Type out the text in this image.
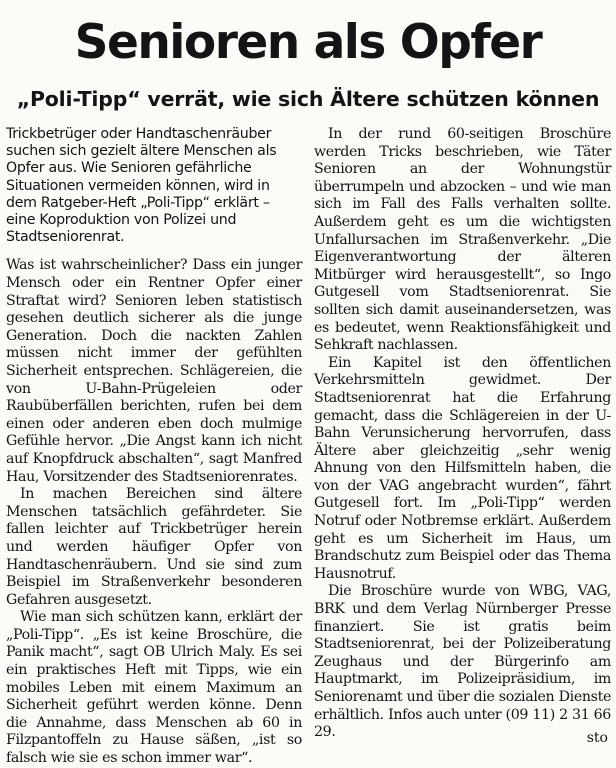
Senioren als Opfer
„Poli-Tipp“ verrät, wie sich Ältere schützen können

Trickbetrüger oder Handtaschenräuber suchen sich gezielt ältere Menschen als Opfer aus. Wie Senioren gefährliche Situationen vermeiden können, wird in dem Ratgeber-Heft „Poli-Tipp“ erklärt – eine Koproduktion von Polizei und Stadtseniorenrat.

Was ist wahrscheinlicher? Dass ein junger Mensch oder ein Rentner Opfer einer Straftat wird? Senioren leben statistisch gesehen deutlich sicherer als die junge Generation. Doch die nackten Zahlen müssen nicht immer der gefühlten Sicherheit entsprechen. Schlägereien, die von U-Bahn-Prügeleien oder Raubüberfällen berichten, rufen bei dem einen oder anderen eben doch mulmige Gefühle hervor. „Die Angst kann ich nicht auf Knopfdruck abschalten“, sagt Manfred Hau, Vorsitzender des Stadtseniorenrates.

In machen Bereichen sind ältere Menschen tatsächlich gefährdeter. Sie fallen leichter auf Trickbetrüger herein und werden häufiger Opfer von Handtaschenräubern. Und sie sind zum Beispiel im Straßenverkehr besonderen Gefahren ausgesetzt.

Wie man sich schützen kann, erklärt der „Poli-Tipp“. „Es ist keine Broschüre, die Panik macht“, sagt OB Ulrich Maly. Es sei ein praktisches Heft mit Tipps, wie ein mobiles Leben mit einem Maximum an Sicherheit geführt werden könne. Denn die Annahme, dass Menschen ab 60 in Filzpantoffeln zu Hause säßen, „ist so falsch wie sie es schon immer war“.

In der rund 60-seitigen Broschüre werden Tricks beschrieben, wie Täter Senioren an der Wohnungstür überrumpeln und abzocken – und wie man sich im Fall des Falls verhalten sollte. Außerdem geht es um die wichtigsten Unfallursachen im Straßenverkehr. „Die Eigenverantwortung der älteren Mitbürger wird herausgestellt“, so Ingo Gutgesell vom Stadtseniorenrat. Sie sollten sich damit auseinandersetzen, was es bedeutet, wenn Reaktionsfähigkeit und Sehkraft nachlassen.

Ein Kapitel ist den öffentlichen Verkehrsmitteln gewidmet. Der Stadtseniorenrat hat die Erfahrung gemacht, dass die Schlägereien in der U-Bahn Verunsicherung hervorrufen, dass Ältere aber gleichzeitig „sehr wenig Ahnung von den Hilfsmitteln haben, die von der VAG angebracht wurden“, fährt Gutgesell fort. Im „Poli-Tipp“ werden Notruf oder Notbremse erklärt. Außerdem geht es um Sicherheit im Haus, um Brandschutz zum Beispiel oder das Thema Hausnotruf.

Die Broschüre wurde von WBG, VAG, BRK und dem Verlag Nürnberger Presse finanziert. Sie ist gratis beim Stadtseniorenrat, bei der Polizeiberatung Zeughaus und der Bürgerinfo am Hauptmarkt, im Polizeipräsidium, im Seniorenamt und über die sozialen Dienste erhältlich. Infos auch unter (09 11) 2 31 66 29.	sto
